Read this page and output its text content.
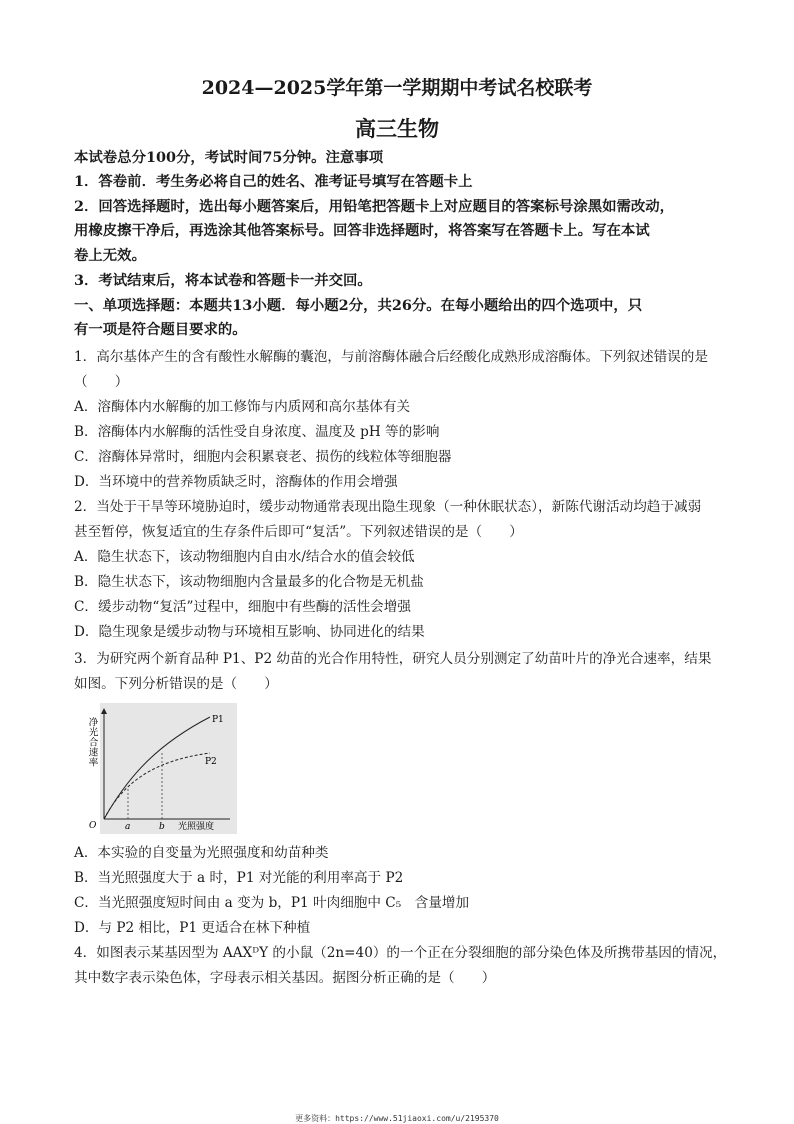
2024—2025学年第一学期期中考试名校联考
高三生物
本试卷总分100分，考试时间75分钟。注意事项
1．答卷前．考生务必将自己的姓名、准考证号填写在答题卡上
2．回答选择题时，选出每小题答案后，用铅笔把答题卡上对应题目的答案标号涂黑如需改动，
用橡皮擦干净后，再选涂其他答案标号。回答非选择题时，将答案写在答题卡上。写在本试
卷上无效。
3．考试结束后，将本试卷和答题卡一并交回。
一、单项选择题：本题共13小题．每小题2分，共26分。在每小题给出的四个选项中，只
有一项是符合题目要求的。
1．高尔基体产生的含有酸性水解酶的囊泡，与前溶酶体融合后经酸化成熟形成溶酶体。下列叙述错误的是
（　　）
A．溶酶体内水解酶的加工修饰与内质网和高尔基体有关
B．溶酶体内水解酶的活性受自身浓度、温度及 pH 等的影响
C．溶酶体异常时，细胞内会积累衰老、损伤的线粒体等细胞器
D．当环境中的营养物质缺乏时，溶酶体的作用会增强
2．当处于干旱等环境胁迫时，缓步动物通常表现出隐生现象（一种休眠状态），新陈代谢活动均趋于减弱
甚至暂停，恢复适宜的生存条件后即可“复活”。下列叙述错误的是（　　）
A．隐生状态下，该动物细胞内自由水/结合水的值会较低
B．隐生状态下，该动物细胞内含量最多的化合物是无机盐
C．缓步动物“复活”过程中，细胞中有些酶的活性会增强
D．隐生现象是缓步动物与环境相互影响、协同进化的结果
3．为研究两个新育品种 P1、P2 幼苗的光合作用特性，研究人员分别测定了幼苗叶片的净光合速率，结果
如图。下列分析错误的是（　　）
净光合速率	P1
P2
O	a	b 光照强度
A．本实验的自变量为光照强度和幼苗种类
B．当光照强度大于 a 时，P1 对光能的利用率高于 P2
C．当光照强度短时间由 a 变为 b，P1 叶肉细胞中 C₅　含量增加
D．与 P2 相比，P1 更适合在林下种植
4．如图表示某基因型为 AAXᴰY 的小鼠（2n=40）的一个正在分裂细胞的部分染色体及所携带基因的情况，
其中数字表示染色体，字母表示相关基因。据图分析正确的是（　　）
更多资料：https://www.51jiaoxi.com/u/2195370
